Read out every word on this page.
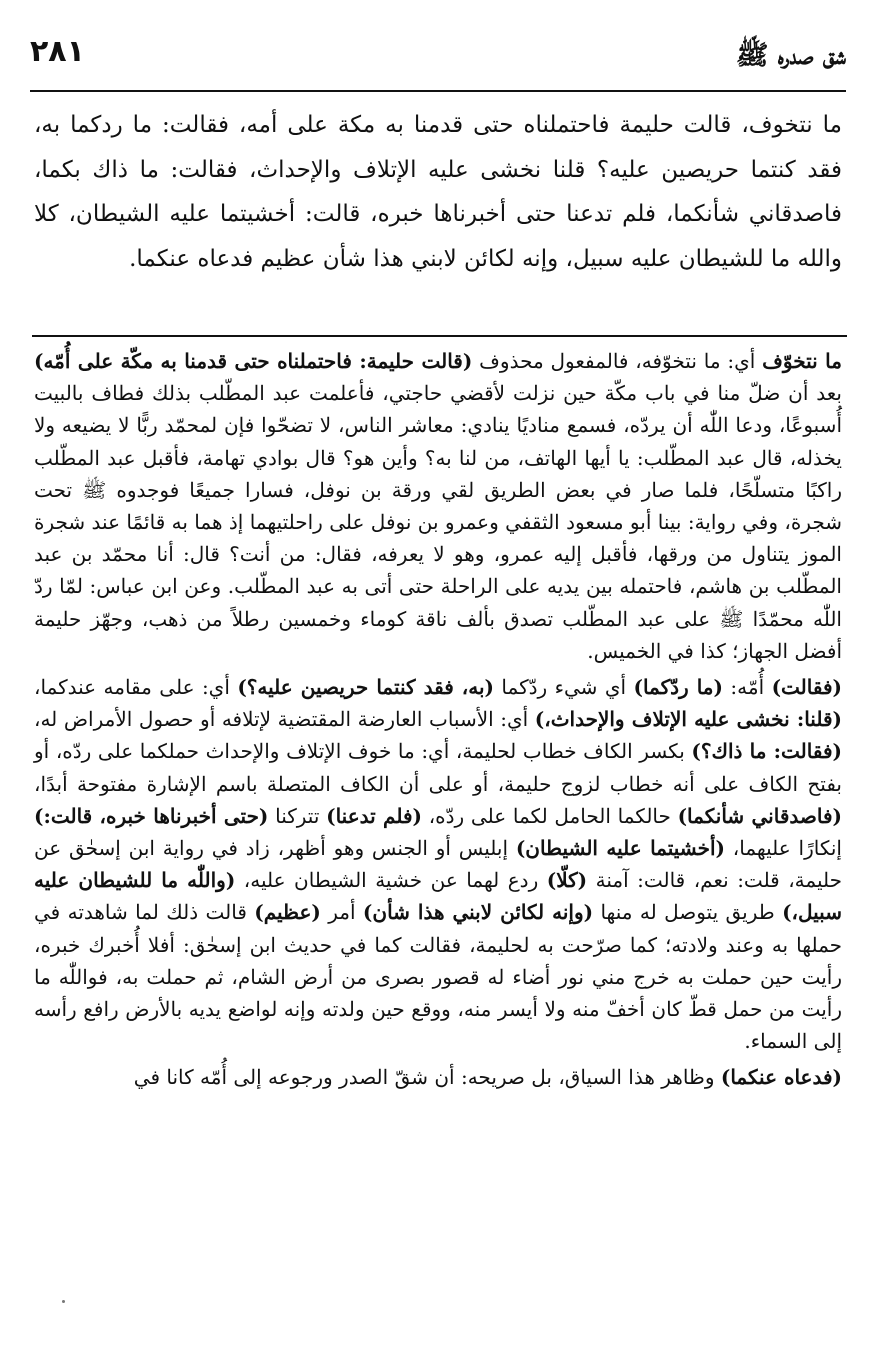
شق صدره ﷺ
٢٨١

ما نتخوف، قالت حليمة فاحتملناه حتى قدمنا به مكة على أمه، فقالت: ما ردكما به، فقد كنتما حريصين عليه؟ قلنا نخشى عليه الإتلاف والإحداث، فقالت: ما ذاك بكما، فاصدقاني شأنكما، فلم تدعنا حتى أخبرناها خبره، قالت: أخشيتما عليه الشيطان، كلا والله ما للشيطان عليه سبيل، وإنه لكائن لابني هذا شأن عظيم فدعاه عنكما.

ما نتخوّف أي: ما نتخوّفه، فالمفعول محذوف (قالت حليمة: فاحتملناه حتى قدمنا به مكّة على أُمّه) بعد أن ضلّ منا في باب مكّة حين نزلت لأقضي حاجتي، فأعلمت عبد المطّلب بذلك فطاف بالبيت أُسبوعًا، ودعا اللّٰه أن يردّه، فسمع مناديًا ينادي: معاشر الناس، لا تضحّوا فإن لمحمّد ربًّا لا يضيعه ولا يخذله، قال عبد المطّلب: يا أيها الهاتف، من لنا به؟ وأين هو؟ قال بوادي تهامة، فأقبل عبد المطّلب راكبًا متسلّحًا، فلما صار في بعض الطريق لقي ورقة بن نوفل، فسارا جميعًا فوجدوه ﷺ تحت شجرة، وفي رواية: بينا أبو مسعود الثقفي وعمرو بن نوفل على راحلتيهما إذ هما به قائمًا عند شجرة الموز يتناول من ورقها، فأقبل إليه عمرو، وهو لا يعرفه، فقال: من أنت؟ قال: أنا محمّد بن عبد المطّلب بن هاشم، فاحتمله بين يديه على الراحلة حتى أتى به عبد المطّلب. وعن ابن عباس: لمّا ردّ اللّٰه محمّدًا ﷺ على عبد المطّلب تصدق بألف ناقة كوماء وخمسين رطلاً من ذهب، وجهّز حليمة أفضل الجهاز؛ كذا في الخميس.

(فقالت) أُمّه: (ما ردّكما) أي شيء ردّكما (به، فقد كنتما حريصين عليه؟) أي: على مقامه عندكما، (قلنا: نخشى عليه الإتلاف والإحداث،) أي: الأسباب العارضة المقتضية لإتلافه أو حصول الأمراض له، (فقالت: ما ذاك؟) بكسر الكاف خطاب لحليمة، أي: ما خوف الإتلاف والإحداث حملكما على ردّه، أو بفتح الكاف على أنه خطاب لزوج حليمة، أو على أن الكاف المتصلة باسم الإشارة مفتوحة أبدًا، (فاصدقاني شأنكما) حالكما الحامل لكما على ردّه، (فلم تدعنا) تتركنا (حتى أخبرناها خبره، قالت:) إنكارًا عليهما، (أخشيتما عليه الشيطان) إبليس أو الجنس وهو أظهر، زاد في رواية ابن إسحٰق عن حليمة، قلت: نعم، قالت: آمنة (كلّا) ردع لهما عن خشية الشيطان عليه، (واللّٰه ما للشيطان عليه سبيل،) طريق يتوصل له منها (وإنه لكائن لابني هذا شأن) أمر (عظيم) قالت ذلك لما شاهدته في حملها به وعند ولادته؛ كما صرّحت به لحليمة، فقالت كما في حديث ابن إسحٰق: أفلا أُخبرك خبره، رأيت حين حملت به خرج مني نور أضاء له قصور بصرى من أرض الشام، ثم حملت به، فواللّٰه ما رأيت من حمل قطّ كان أخفّ منه ولا أيسر منه، ووقع حين ولدته وإنه لواضع يديه بالأرض رافع رأسه إلى السماء.

(فدعاه عنكما) وظاهر هذا السياق، بل صريحه: أن شقّ الصدر ورجوعه إلى أُمّه كانا في
